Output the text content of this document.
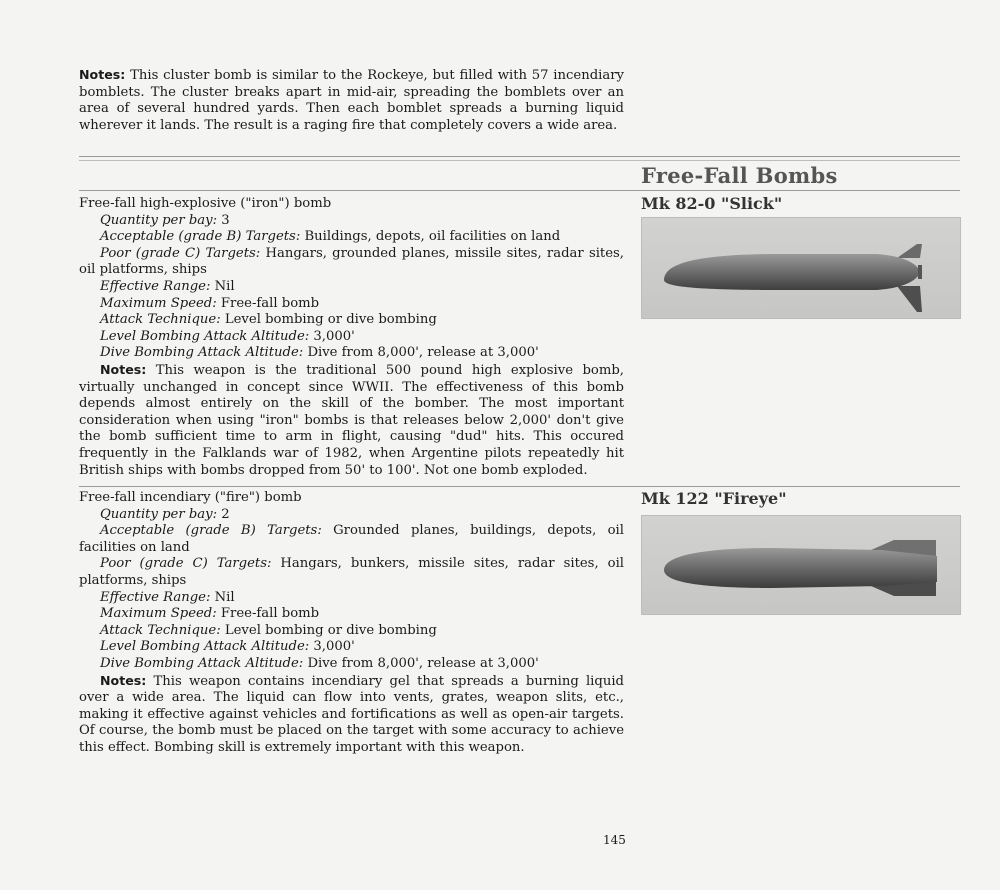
Notes: This cluster bomb is similar to the Rockeye, but filled with 57 incendiary bomblets. The cluster breaks apart in mid-air, spreading the bomblets over an area of several hundred yards. Then each bomblet spreads a burning liquid wherever it lands. The result is a raging fire that completely covers a wide area.

Free-Fall Bombs
Mk 82-0 "Slick"
Mk 122 "Fireye"

Free-fall high-explosive ("iron") bomb

Quantity per bay: 3

Acceptable (grade B) Targets: Buildings, depots, oil facilities on land

Poor (grade C) Targets: Hangars, grounded planes, missile sites, radar sites, oil platforms, ships

Effective Range: Nil

Maximum Speed: Free-fall bomb

Attack Technique: Level bombing or dive bombing

Level Bombing Attack Altitude: 3,000'

Dive Bombing Attack Altitude: Dive from 8,000', release at 3,000'

Notes: This weapon is the traditional 500 pound high explosive bomb, virtually unchanged in concept since WWII. The effectiveness of this bomb depends almost entirely on the skill of the bomber. The most important consideration when using "iron" bombs is that releases below 2,000' don't give the bomb sufficient time to arm in flight, causing "dud" hits. This occured frequently in the Falklands war of 1982, when Argentine pilots repeatedly hit British ships with bombs dropped from 50' to 100'. Not one bomb exploded.

Free-fall incendiary ("fire") bomb

Quantity per bay: 2

Acceptable (grade B) Targets: Grounded planes, buildings, depots, oil facilities on land

Poor (grade C) Targets: Hangars, bunkers, missile sites, radar sites, oil platforms, ships

Effective Range: Nil

Maximum Speed: Free-fall bomb

Attack Technique: Level bombing or dive bombing

Level Bombing Attack Altitude: 3,000'

Dive Bombing Attack Altitude: Dive from 8,000', release at 3,000'

Notes: This weapon contains incendiary gel that spreads a burning liquid over a wide area. The liquid can flow into vents, grates, weapon slits, etc., making it effective against vehicles and fortifications as well as open-air targets. Of course, the bomb must be placed on the target with some accuracy to achieve this effect. Bombing skill is extremely important with this weapon.

145
